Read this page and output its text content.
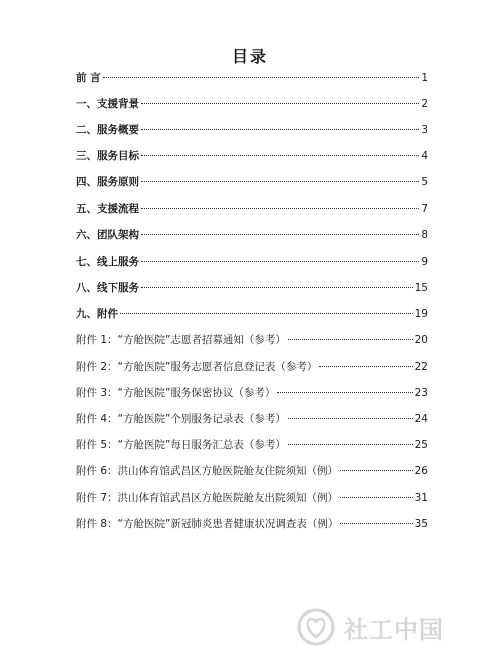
目录
前 言	1
一、支援背景	2
二、服务概要	3
三、服务目标	4
四、服务原则	5
五、支援流程	7
六、团队架构	8
七、线上服务	9
八、线下服务	15
九、附件	19
附件 1：“方舱医院”志愿者招募通知（参考）	20
附件 2：“方舱医院”服务志愿者信息登记表（参考）	22
附件 3：“方舱医院”服务保密协议（参考）	23
附件 4：“方舱医院”个别服务记录表（参考）	24
附件 5：“方舱医院”每日服务汇总表（参考）	25
附件 6：洪山体育馆武昌区方舱医院舱友住院须知（例）	26
附件 7：洪山体育馆武昌区方舱医院舱友出院须知（例）	31
附件 8：“方舱医院”新冠肺炎患者健康状况调查表（例）	35
社工中国
